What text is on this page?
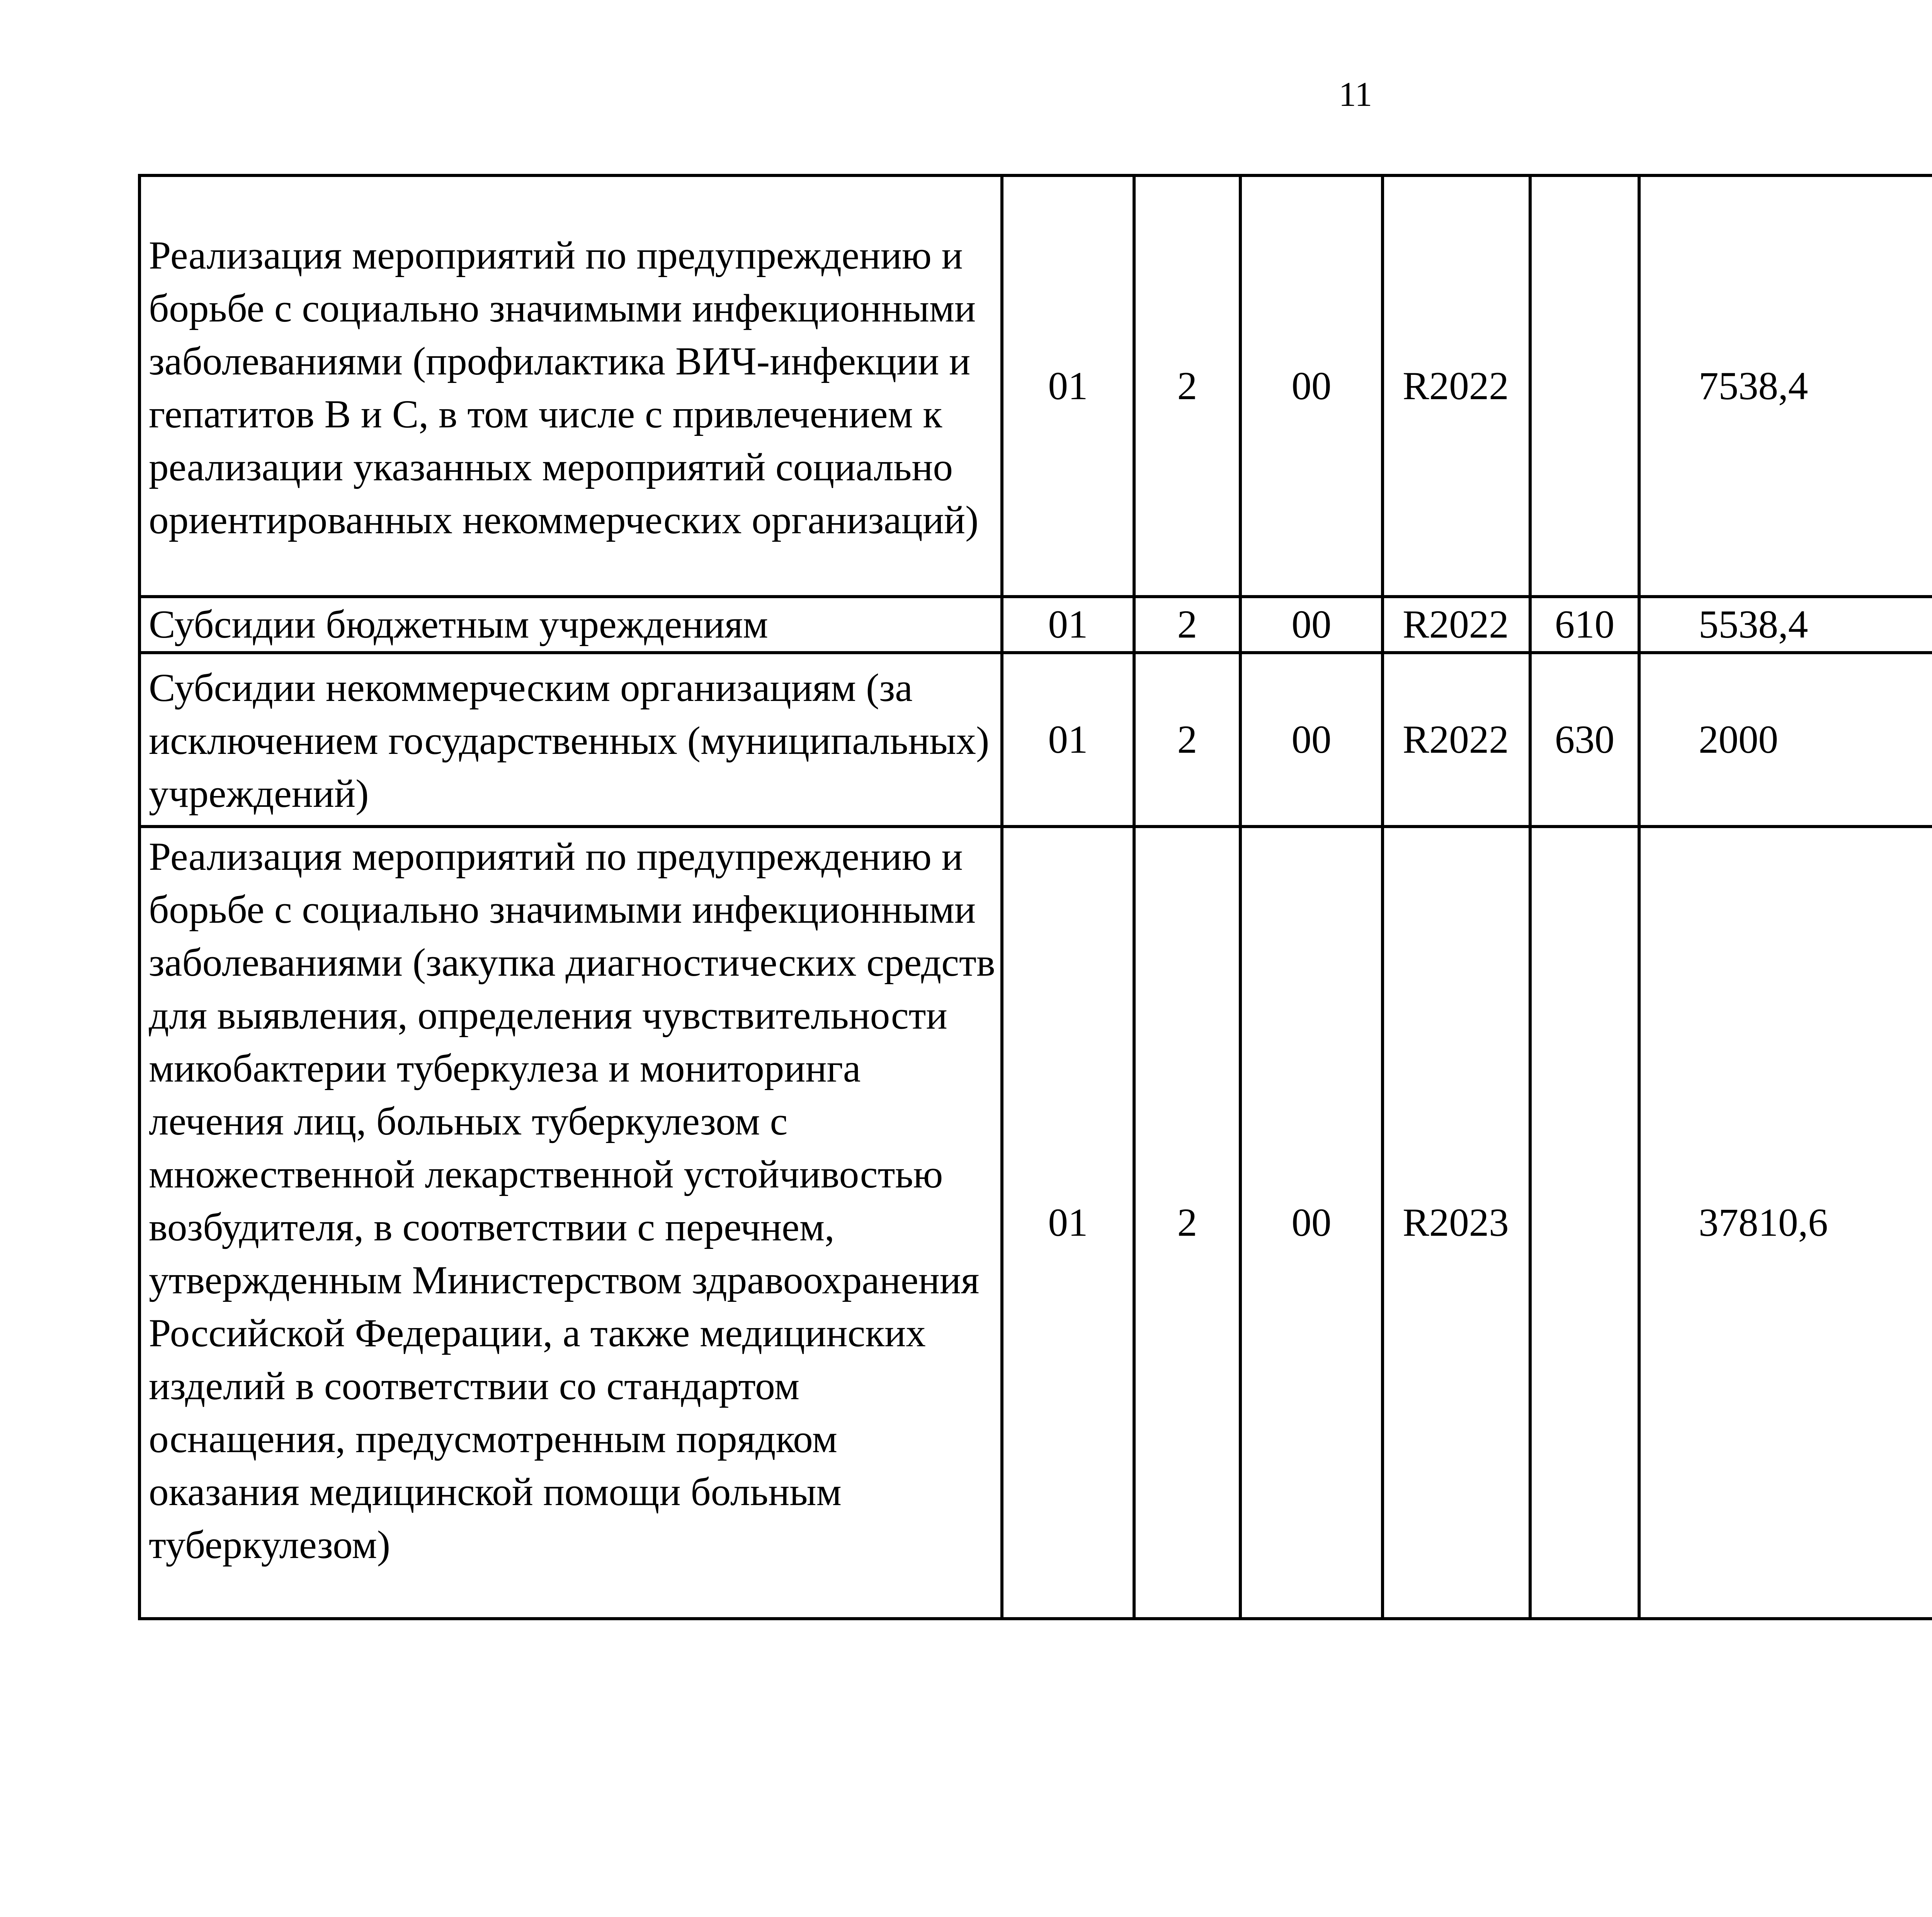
11
Реализация мероприятий по предупреждению и борьбе с социально значимыми инфекционными заболеваниями (профилактика ВИЧ-инфекции и гепатитов B и C, в том числе с привлечением к реализации указанных мероприятий социально ориентированных некоммерческих организаций)	01	2	00	R2022		7538,4		
Субсидии бюджетным учреждениям	01	2	00	R2022	610	5538,4		
Субсидии некоммерческим организациям (за исключением государственных (муниципальных) учреждений)	01	2	00	R2022	630	2000		
Реализация мероприятий по предупреждению и борьбе с социально значимыми инфекционными заболеваниями (закупка диагностических средств для выявления, определения чувствительности микобактерии туберкулеза и мониторинга лечения лиц, больных туберкулезом с множественной лекарственной устойчивостью возбудителя, в соответствии с перечнем, утвержденным Министерством здравоохранения Российской Федерации, а также медицинских изделий в соответствии со стандартом оснащения, предусмотренным порядком оказания медицинской помощи больным туберкулезом)	01	2	00	R2023		37810,6		
